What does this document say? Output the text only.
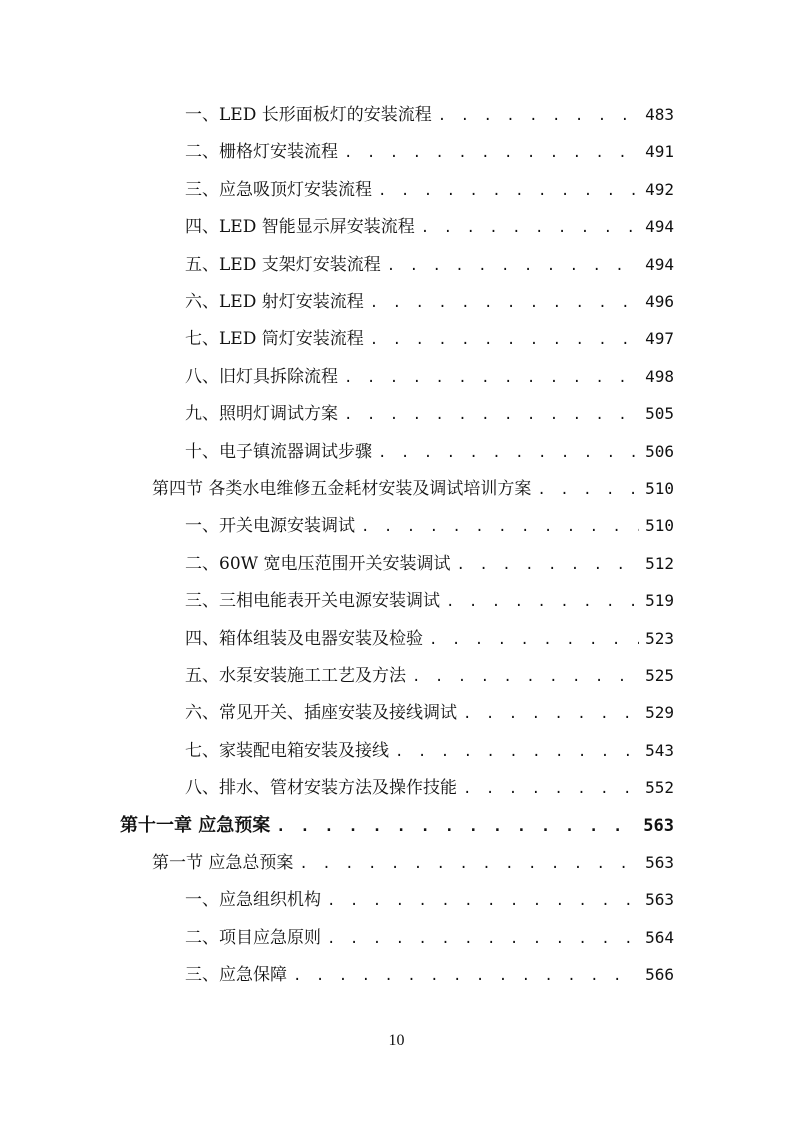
一、LED 长形面板灯的安装流程 . . .	483
二、栅格灯安装流程 . . .	491
三、应急吸顶灯安装流程 . . .	492
四、LED 智能显示屏安装流程 . . .	494
五、LED 支架灯安装流程 . . .	494
六、LED 射灯安装流程 . . .	496
七、LED 筒灯安装流程 . . .	497
八、旧灯具拆除流程 . . .	498
九、照明灯调试方案 . . .	505
十、电子镇流器调试步骤 . . .	506
第四节 各类水电维修五金耗材安装及调试培训方案 . . .	510
一、开关电源安装调试 . . .	510
二、60W 宽电压范围开关安装调试 . . .	512
三、三相电能表开关电源安装调试 . . .	519
四、箱体组装及电器安装及检验 . . .	523
五、水泵安装施工工艺及方法 . . .	525
六、常见开关、插座安装及接线调试 . . .	529
七、家装配电箱安装及接线 . . .	543
八、排水、管材安装方法及操作技能 . . .	552
第十一章 应急预案 . . .	563
第一节 应急总预案 . . .	563
一、应急组织机构 . . .	563
二、项目应急原则 . . .	564
三、应急保障 . . .	566
10
